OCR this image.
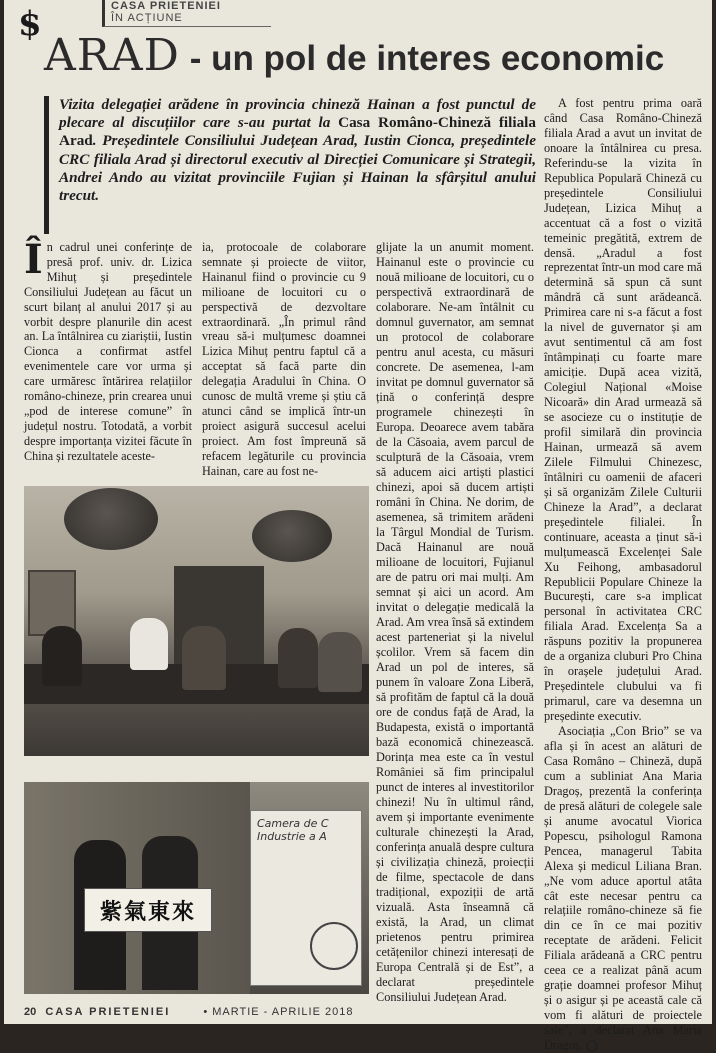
$	CASA PRIETENIEI
ÎN ACȚIUNE
ARAD - un pol de interes economic
Vizita delegației arădene în provincia chineză Hainan a fost punctul de plecare al discuțiilor care s-au purtat la Casa Româno-Chineză filiala Arad. Președintele Consiliului Județean Arad, Iustin Cionca, președintele CRC filiala Arad și directorul executiv al Direcției Comunicare și Strategii, Andrei Ando au vizitat provinciile Fujian și Hainan la sfârșitul anului trecut.
Î n cadrul unei conferințe de presă prof. univ. dr. Lizica Mihuț și președintele Consiliului Județean au făcut un scurt bilanț al anului 2017 și au vorbit despre planurile din acest an. La întâlnirea cu ziariștii, Iustin Cionca a confirmat astfel evenimentele care vor urma și care urmăresc întărirea relațiilor româno-chineze, prin crearea unui „pod de interese comune” în județul nostru. Totodată, a vorbit despre importanța vizitei făcute în China și rezultatele aceste-

ia, protocoale de colaborare semnate și proiecte de viitor, Hainanul fiind o provincie cu 9 milioane de locuitori cu o perspectivă de dezvoltare extraordinară. „În primul rând vreau să-i mulțumesc doamnei Lizica Mihuț pentru faptul că a acceptat să facă parte din delegația Aradului în China. O cunosc de multă vreme și știu că atunci când se implică într-un proiect asigură succesul acelui proiect. Am fost împreună să refacem legăturile cu provincia Hainan, care au fost ne-

glijate la un anumit moment. Hainanul este o provincie cu nouă milioane de locuitori, cu o perspectivă extraordinară de colaborare. Ne-am întâlnit cu domnul guvernator, am semnat un protocol de colaborare pentru anul acesta, cu măsuri concrete. De asemenea, l-am invitat pe domnul guvernator să țină o conferință despre programele chinezești în Europa. Deoarece avem tabăra de la Căsoaia, avem parcul de sculptură de la Căsoaia, vrem să aducem aici artiști plastici chinezi, apoi să ducem artiști români în China. Ne dorim, de asemenea, să trimitem arădeni la Târgul Mondial de Turism. Dacă Hainanul are nouă milioane de locuitori, Fujianul are de patru ori mai mulți. Am semnat și aici un acord. Am invitat o delegație medicală la Arad. Am vrea însă să extindem acest parteneriat și la nivelul școlilor. Vrem să facem din Arad un pol de interes, să punem în valoare Zona Liberă, să profităm de faptul că la două ore de condus față de Arad, la Budapesta, există o importantă bază economică chinezească. Dorința mea este ca în vestul României să fim principalul punct de interes al investitorilor chinezi! Nu în ultimul rând, avem și importante evenimente culturale chinezești la Arad, conferința anuală despre cultura și civilizația chineză, proiecții de filme, spectacole de dans tradițional, expoziții de artă vizuală. Asta înseamnă că există, la Arad, un climat prietenos pentru primirea cetățenilor chinezi interesați de Europa Centrală și de Est”, a declarat președintele Consiliului Județean Arad.

A fost pentru prima oară când Casa Româno-Chineză filiala Arad a avut un invitat de onoare la întâlnirea cu presa. Referindu-se la vizita în Republica Populară Chineză cu președintele Consiliului Județean, Lizica Mihuț a accentuat că a fost o vizită temeinic pregătită, extrem de densă. „Aradul a fost reprezentat într-un mod care mă determină să spun că sunt mândră că sunt arădeancă. Primirea care ni s-a făcut a fost la nivel de guvernator și am avut sentimentul că am fost întâmpinați cu foarte mare amiciție. După acea vizită, Colegiul Național «Moise Nicoară» din Arad urmează să se asocieze cu o instituție de profil similară din provincia Hainan, urmează să avem Zilele Filmului Chinezesc, întâlniri cu oamenii de afaceri și să organizăm Zilele Culturii Chineze la Arad”, a declarat președintele filialei. În continuare, aceasta a ținut să-i mulțumească Excelenței Sale Xu Feihong, ambasadorul Republicii Populare Chineze la București, care s-a implicat personal în activitatea CRC filiala Arad. Excelența Sa a răspuns pozitiv la propunerea de a organiza cluburi Pro China în orașele județului Arad. Președintele clubului va fi primarul, care va desemna un președinte executiv.

Asociația „Con Brio” se va afla și în acest an alături de Casa Româno – Chineză, după cum a subliniat Ana Maria Dragoș, prezentă la conferința de presă alături de colegele sale și anume avocatul Viorica Popescu, psihologul Ramona Pencea, managerul Tabita Alexa și medicul Liliana Bran. „Ne vom aduce aportul atâta cât este necesar pentru ca relațiile româno-chineze să fie din ce în ce mai pozitiv receptate de arădeni. Felicit Filiala arădeană a CRC pentru ceea ce a realizat până acum grație doamnei profesor Mihuț și o asigur și pe această cale că vom fi alături de proiectele sale”, a declarat Ana Maria Dragoș.

紫氣東來
Camera de C Industrie a A
20 CASA PRIETENIEI	• MARTIE - APRILIE 2018
